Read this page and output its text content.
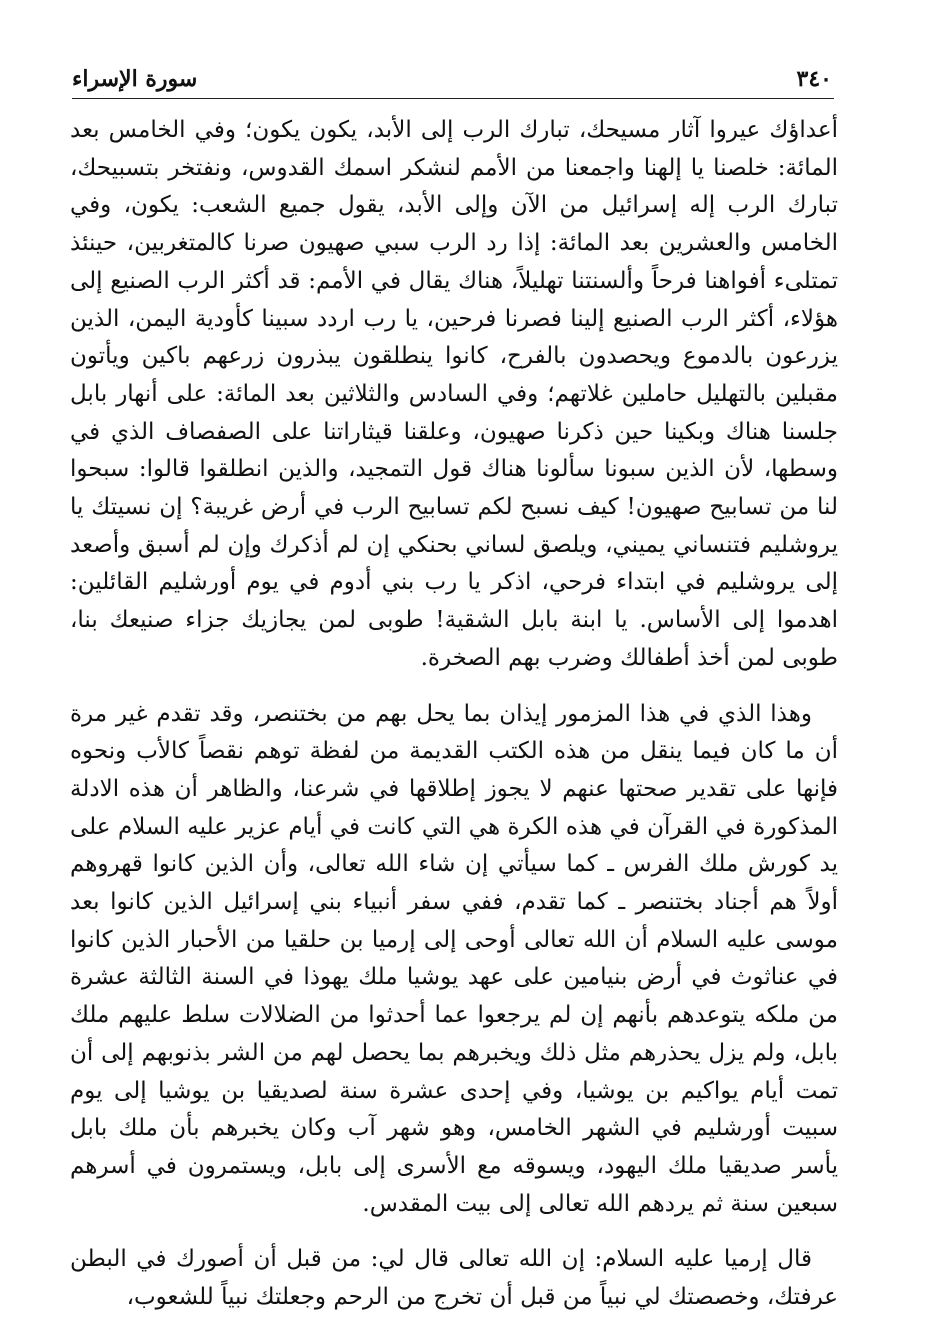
٣٤٠
سورة الإسراء

أعداؤك عيروا آثار مسيحك، تبارك الرب إلى الأبد، يكون يكون؛ وفي الخامس بعد المائة: خلصنا يا إلهنا واجمعنا من الأمم لنشكر اسمك القدوس، ونفتخر بتسبيحك، تبارك الرب إله إسرائيل من الآن وإلى الأبد، يقول جميع الشعب: يكون، وفي الخامس والعشرين بعد المائة: إذا رد الرب سبي صهيون صرنا كالمتغربين، حينئذ تمتلىء أفواهنا فرحاً وألسنتنا تهليلاً، هناك يقال في الأمم: قد أكثر الرب الصنيع إلى هؤلاء، أكثر الرب الصنيع إلينا فصرنا فرحين، يا رب اردد سبينا كأودية اليمن، الذين يزرعون بالدموع ويحصدون بالفرح، كانوا ينطلقون يبذرون زرعهم باكين ويأتون مقبلين بالتهليل حاملين غلاتهم؛ وفي السادس والثلاثين بعد المائة: على أنهار بابل جلسنا هناك وبكينا حين ذكرنا صهيون، وعلقنا قيثاراتنا على الصفصاف الذي في وسطها، لأن الذين سبونا سألونا هناك قول التمجيد، والذين انطلقوا قالوا: سبحوا لنا من تسابيح صهيون! كيف نسبح لكم تسابيح الرب في أرض غريبة؟ إن نسيتك يا يروشليم فتنساني يميني، ويلصق لساني بحنكي إن لم أذكرك وإن لم أسبق وأصعد إلى يروشليم في ابتداء فرحي، اذكر يا رب بني أدوم في يوم أورشليم القائلين: اهدموا إلى الأساس. يا ابنة بابل الشقية! طوبى لمن يجازيك جزاء صنيعك بنا، طوبى لمن أخذ أطفالك وضرب بهم الصخرة.

وهذا الذي في هذا المزمور إيذان بما يحل بهم من بختنصر، وقد تقدم غير مرة أن ما كان فيما ينقل من هذه الكتب القديمة من لفظة توهم نقصاً كالأب ونحوه فإنها على تقدير صحتها عنهم لا يجوز إطلاقها في شرعنا، والظاهر أن هذه الادلة المذكورة في القرآن في هذه الكرة هي التي كانت في أيام عزير عليه السلام على يد كورش ملك الفرس ـ كما سيأتي إن شاء الله تعالى، وأن الذين كانوا قهروهم أولاً هم أجناد بختنصر ـ كما تقدم، ففي سفر أنبياء بني إسرائيل الذين كانوا بعد موسى عليه السلام أن الله تعالى أوحى إلى إرميا بن حلقيا من الأحبار الذين كانوا في عناثوث في أرض بنيامين على عهد يوشيا ملك يهوذا في السنة الثالثة عشرة من ملكه يتوعدهم بأنهم إن لم يرجعوا عما أحدثوا من الضلالات سلط عليهم ملك بابل، ولم يزل يحذرهم مثل ذلك ويخبرهم بما يحصل لهم من الشر بذنوبهم إلى أن تمت أيام يواكيم بن يوشيا، وفي إحدى عشرة سنة لصديقيا بن يوشيا إلى يوم سبيت أورشليم في الشهر الخامس، وهو شهر آب وكان يخبرهم بأن ملك بابل يأسر صديقيا ملك اليهود، ويسوقه مع الأسرى إلى بابل، ويستمرون في أسرهم سبعين سنة ثم يردهم الله تعالى إلى بيت المقدس.

قال إرميا عليه السلام: إن الله تعالى قال لي: من قبل أن أصورك في البطن عرفتك، وخصصتك لي نبياً من قبل أن تخرج من الرحم وجعلتك نبياً للشعوب،
